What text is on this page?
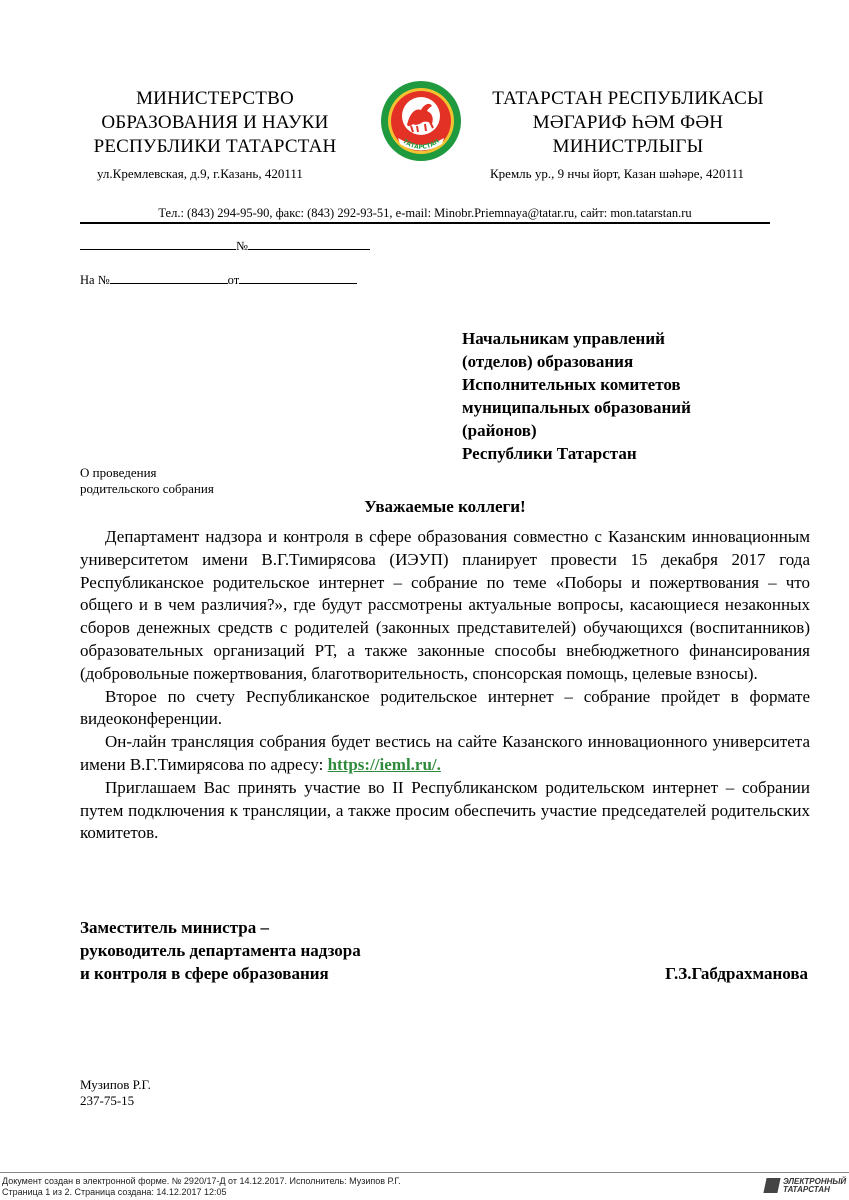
МИНИСТЕРСТВО
ОБРАЗОВАНИЯ И НАУКИ
РЕСПУБЛИКИ ТАТАРСТАН	ТАТАРСТАН
ТАТАРСТАН РЕСПУБЛИКАСЫ
МӘГАРИФ ҺӘМ ФӘН
МИНИСТРЛЫГЫ
ул.Кремлевская, д.9, г.Казань, 420111	Кремль ур., 9 нчы йорт, Казан шәһәре, 420111
Тел.: (843) 294-95-90, факс: (843) 292-93-51, e-mail: Minobr.Priemnaya@tatar.ru, сайт: mon.tatarstan.ru
№
На №	от
Начальникам управлений
(отделов) образования
Исполнительных комитетов
муниципальных образований
(районов)
Республики Татарстан
О проведения
родительского собрания
Уважаемые коллеги!

Департамент надзора и контроля в сфере образования совместно с Казанским инновационным университетом имени В.Г.Тимирясова (ИЭУП) планирует провести 15 декабря 2017 года Республиканское родительское интернет – собрание по теме «Поборы и пожертвования – что общего и в чем различия?», где будут рассмотрены актуальные вопросы, касающиеся незаконных сборов денежных средств с родителей (законных представителей) обучающихся (воспитанников) образовательных организаций РТ, а также законные способы внебюджетного финансирования (добровольные пожертвования, благотворительность, спонсорская помощь, целевые взносы).

Второе по счету Республиканское родительское интернет – собрание пройдет в формате видеоконференции.

Он-лайн трансляция собрания будет вестись на сайте Казанского инновационного университета имени В.Г.Тимирясова по адресу: https://ieml.ru/.

Приглашаем Вас принять участие во II Республиканском родительском интернет – собрании путем подключения к трансляции, а также просим обеспечить участие председателей родительских комитетов.

Заместитель министра –
руководитель департамента надзора
и контроля в сфере образования	Г.З.Габдрахманова
Музипов Р.Г.
237-75-15
Документ создан в электронной форме. № 2920/17-Д от 14.12.2017. Исполнитель: Музипов Р.Г.
Страница 1 из 2. Страница создана: 14.12.2017 12:05
ЭЛЕКТРОННЫЙ
ТАТАРСТАН
